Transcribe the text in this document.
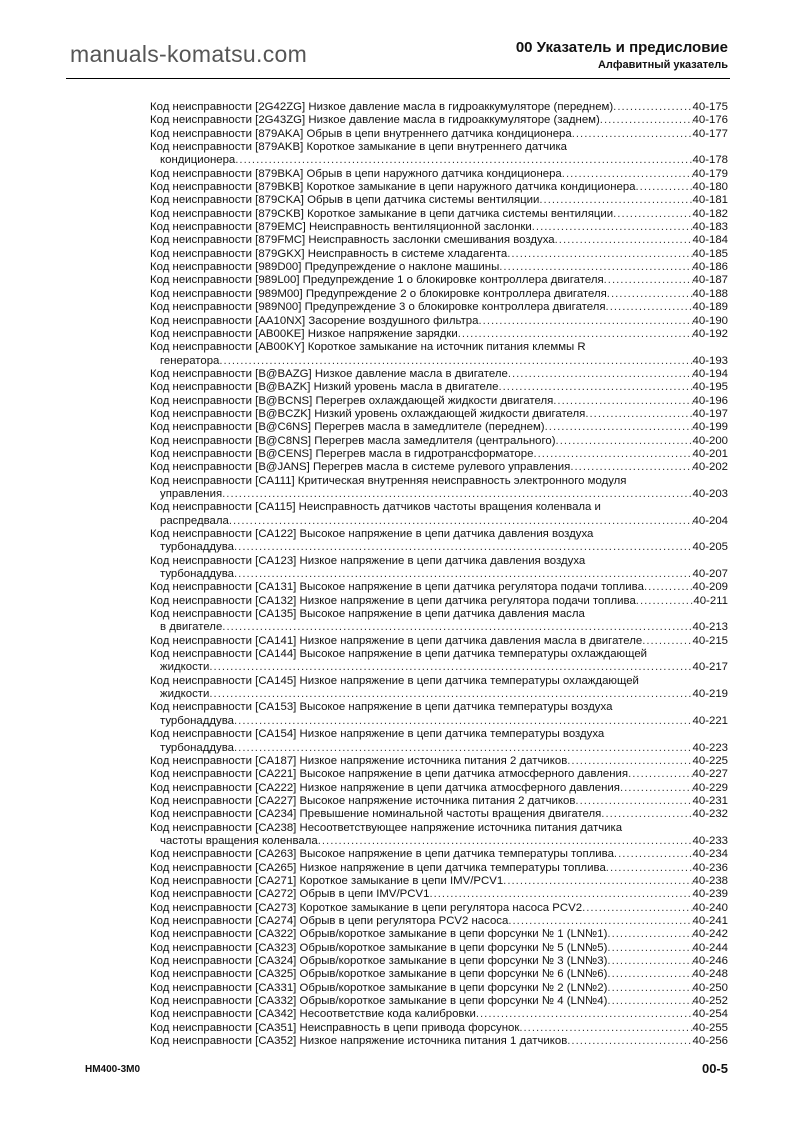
00 Указатель и предисловие
Алфавитный указатель
manuals-komatsu.com
Код неисправности [2G42ZG] Низкое давление масла в гидроаккумуляторе (переднем) .....	40-175
Код неисправности [2G43ZG] Низкое давление масла в гидроаккумуляторе (заднем) .....	40-176
Код неисправности [879AKA] Обрыв в цепи внутреннего датчика кондиционера .....	40-177
Код неисправности [879AKB] Короткое замыкание в цепи внутреннего датчика
кондиционера .....	40-178
Код неисправности [879BKA] Обрыв в цепи наружного датчика кондиционера .....	40-179
Код неисправности [879BKB] Короткое замыкание в цепи наружного датчика кондиционера .....	40-180
Код неисправности [879CKA] Обрыв в цепи датчика системы вентиляции .....	40-181
Код неисправности [879CKB] Короткое замыкание в цепи датчика системы вентиляции .....	40-182
Код неисправности [879EMC] Неисправность вентиляционной заслонки .....	40-183
Код неисправности [879FMC] Неисправность заслонки смешивания воздуха .....	40-184
Код неисправности [879GKX] Неисправность в системе хладагента .....	40-185
Код неисправности [989D00] Предупреждение о наклоне машины .....	40-186
Код неисправности [989L00] Предупреждение 1 о блокировке контроллера двигателя .....	40-187
Код неисправности [989M00] Предупреждение 2 о блокировке контроллера двигателя .....	40-188
Код неисправности [989N00] Предупреждение 3 о блокировке контроллера двигателя .....	40-189
Код неисправности [AA10NX] Засорение воздушного фильтра .....	40-190
Код неисправности [AB00KE] Низкое напряжение зарядки .....	40-192
Код неисправности [AB00KY] Короткое замыкание на источник питания клеммы R
генератора .....	40-193
Код неисправности [B@BAZG] Низкое давление масла в двигателе .....	40-194
Код неисправности [B@BAZK] Низкий уровень масла в двигателе .....	40-195
Код неисправности [B@BCNS] Перегрев охлаждающей жидкости двигателя .....	40-196
Код неисправности [B@BCZK] Низкий уровень охлаждающей жидкости двигателя .....	40-197
Код неисправности [B@C6NS] Перегрев масла в замедлителе (переднем) .....	40-199
Код неисправности [B@C8NS] Перегрев масла замедлителя (центрального) .....	40-200
Код неисправности [B@CENS] Перегрев масла в гидротрансформаторе .....	40-201
Код неисправности [B@JANS] Перегрев масла в системе рулевого управления .....	40-202
Код неисправности [CA111] Критическая внутренняя неисправность электронного модуля
управления .....	40-203
Код неисправности [CA115] Неисправность датчиков частоты вращения коленвала и
распредвала .....	40-204
Код неисправности [CA122] Высокое напряжение в цепи датчика давления воздуха
турбонаддува .....	40-205
Код неисправности [CA123] Низкое напряжение в цепи датчика давления воздуха
турбонаддува .....	40-207
Код неисправности [CA131] Высокое напряжение в цепи датчика регулятора подачи топлива .....	40-209
Код неисправности [CA132] Низкое напряжение в цепи датчика регулятора подачи топлива .....	40-211
Код неисправности [CA135] Высокое напряжение в цепи датчика давления масла
в двигателе .....	40-213
Код неисправности [CA141] Низкое напряжение в цепи датчика давления масла в двигателе .....	40-215
Код неисправности [CA144] Высокое напряжение в цепи датчика температуры охлаждающей
жидкости .....	40-217
Код неисправности [CA145] Низкое напряжение в цепи датчика температуры охлаждающей
жидкости .....	40-219
Код неисправности [CA153] Высокое напряжение в цепи датчика температуры воздуха
турбонаддува .....	40-221
Код неисправности [CA154] Низкое напряжение в цепи датчика температуры воздуха
турбонаддува .....	40-223
Код неисправности [CA187] Низкое напряжение источника питания 2 датчиков .....	40-225
Код неисправности [CA221] Высокое напряжение в цепи датчика атмосферного давления .....	40-227
Код неисправности [CA222] Низкое напряжение в цепи датчика атмосферного давления .....	40-229
Код неисправности [CA227] Высокое напряжение источника питания 2 датчиков .....	40-231
Код неисправности [CA234] Превышение номинальной частоты вращения двигателя .....	40-232
Код неисправности [CA238] Несоответствующее напряжение источника питания датчика
частоты вращения коленвала .....	40-233
Код неисправности [CA263] Высокое напряжение в цепи датчика температуры топлива .....	40-234
Код неисправности [CA265] Низкое напряжение в цепи датчика температуры топлива .....	40-236
Код неисправности [CA271] Короткое замыкание в цепи IMV/PCV1 .....	40-238
Код неисправности [CA272] Обрыв в цепи IMV/PCV1 .....	40-239
Код неисправности [CA273] Короткое замыкание в цепи регулятора насоса PCV2 .....	40-240
Код неисправности [CA274] Обрыв в цепи регулятора PCV2 насоса .....	40-241
Код неисправности [CA322] Обрыв/короткое замыкание в цепи форсунки № 1 (LN№1) .....	40-242
Код неисправности [CA323] Обрыв/короткое замыкание в цепи форсунки № 5 (LN№5) .....	40-244
Код неисправности [CA324] Обрыв/короткое замыкание в цепи форсунки № 3 (LN№3) .....	40-246
Код неисправности [CA325] Обрыв/короткое замыкание в цепи форсунки № 6 (LN№6) .....	40-248
Код неисправности [CA331] Обрыв/короткое замыкание в цепи форсунки № 2 (LN№2) .....	40-250
Код неисправности [CA332] Обрыв/короткое замыкание в цепи форсунки № 4 (LN№4) .....	40-252
Код неисправности [CA342] Несоответствие кода калибровки .....	40-254
Код неисправности [CA351] Неисправность в цепи привода форсунок .....	40-255
Код неисправности [CA352] Низкое напряжение источника питания 1 датчиков .....	40-256
HM400-3M0	00-5
